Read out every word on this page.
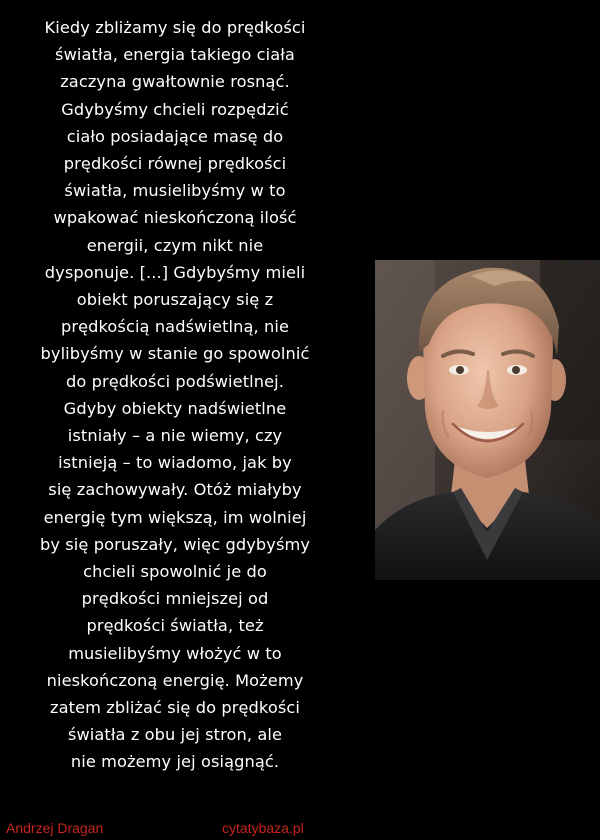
Kiedy zbliżamy się do prędkości
światła, energia takiego ciała
zaczyna gwałtownie rosnąć.
Gdybyśmy chcieli rozpędzić
ciało posiadające masę do
prędkości równej prędkości
światła, musielibyśmy w to
wpakować nieskończoną ilość
energii, czym nikt nie
dysponuje. [...] Gdybyśmy mieli
obiekt poruszający się z
prędkością nadświetlną, nie
bylibyśmy w stanie go spowolnić
do prędkości podświetlnej.
Gdyby obiekty nadświetlne
istniały – a nie wiemy, czy
istnieją – to wiadomo, jak by
się zachowywały. Otóż miałyby
energię tym większą, im wolniej
by się poruszały, więc gdybyśmy
chcieli spowolnić je do
prędkości mniejszej od
prędkości światła, też
musielibyśmy włożyć w to
nieskończoną energię. Możemy
zatem zbliżać się do prędkości
światła z obu jej stron, ale
nie możemy jej osiągnąć.

Andrzej Dragan	cytatybaza.pl
